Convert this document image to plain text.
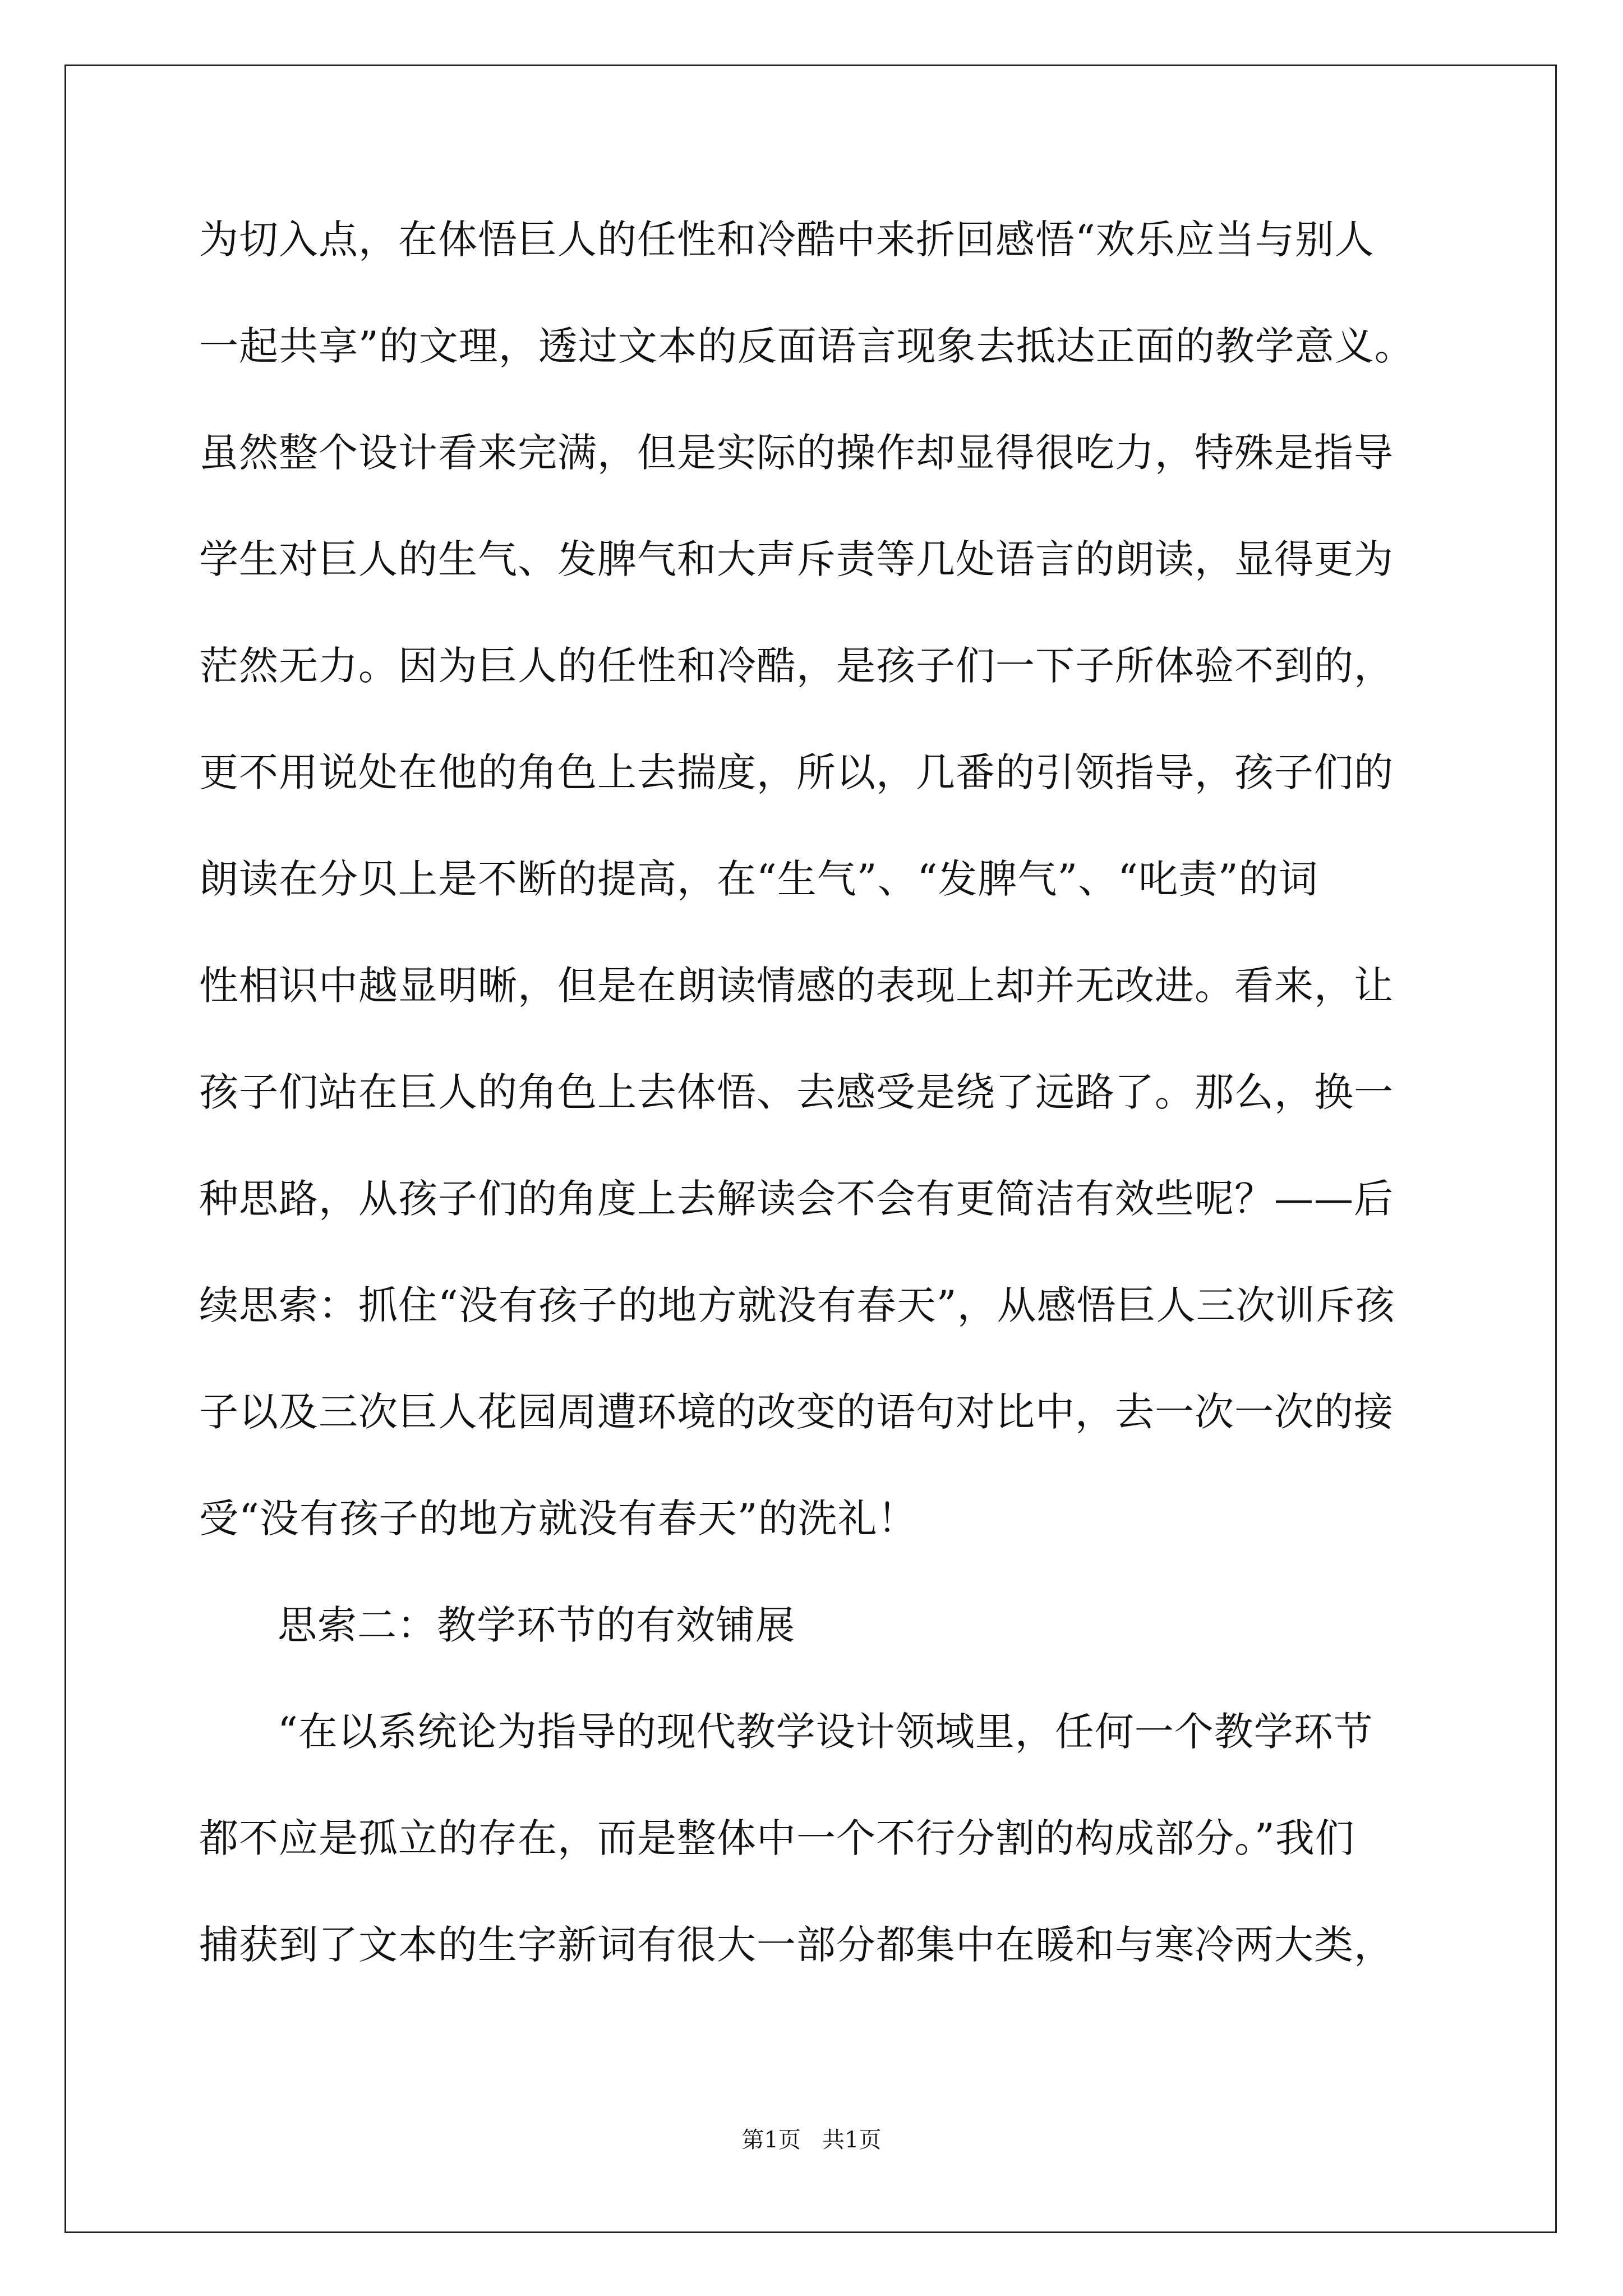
为切入点，在体悟巨人的任性和冷酷中来折回感悟“欢乐应当与别人
一起共享”的文理，透过文本的反面语言现象去抵达正面的教学意义。
虽然整个设计看来完满，但是实际的操作却显得很吃力，特殊是指导
学生对巨人的生气、发脾气和大声斥责等几处语言的朗读，显得更为
茫然无力。因为巨人的任性和冷酷，是孩子们一下子所体验不到的，
更不用说处在他的角色上去揣度，所以，几番的引领指导，孩子们的
朗读在分贝上是不断的提高，在“生气”、“发脾气”、“叱责”的词
性相识中越显明晰，但是在朗读情感的表现上却并无改进。看来，让
孩子们站在巨人的角色上去体悟、去感受是绕了远路了。那么，换一
种思路，从孩子们的角度上去解读会不会有更简洁有效些呢？——后
续思索：抓住“没有孩子的地方就没有春天”，从感悟巨人三次训斥孩
子以及三次巨人花园周遭环境的改变的语句对比中，去一次一次的接
受“没有孩子的地方就没有春天”的洗礼！
思索二：教学环节的有效铺展
“在以系统论为指导的现代教学设计领域里，任何一个教学环节
都不应是孤立的存在，而是整体中一个不行分割的构成部分。”我们
捕获到了文本的生字新词有很大一部分都集中在暖和与寒冷两大类，
第1页   共1页
